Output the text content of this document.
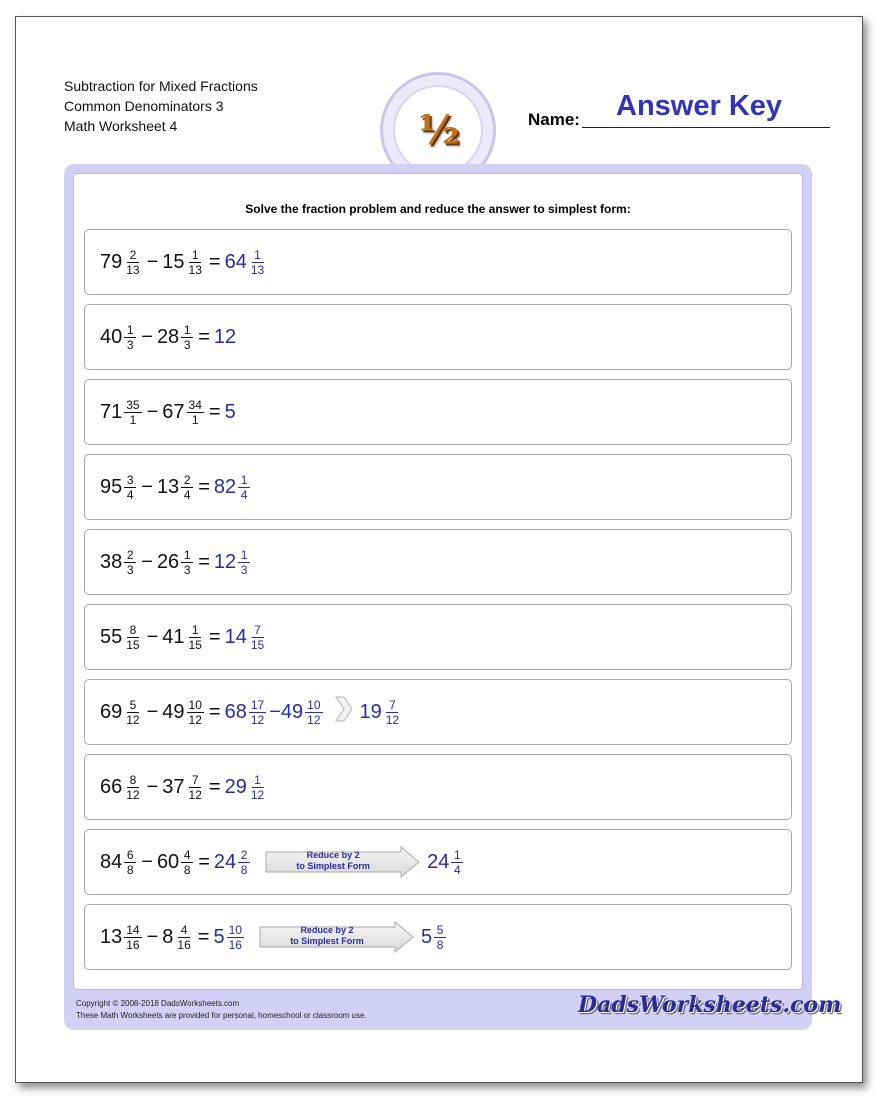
Subtraction for Mixed Fractions
Common Denominators 3
Math Worksheet 4	½	Name: Answer Key
Solve the fraction problem and reduce the answer to simplest form:
$79 \frac{2}{13} - 15 \frac{1}{13} = 64 \frac{1}{13}$
$40 \frac{1}{3} - 28 \frac{1}{3} = 12$
$71 \frac{35}{1} - 67 \frac{34}{1} = 5$
$95 \frac{3}{4} - 13 \frac{2}{4} = 82 \frac{1}{4}$
$38 \frac{2}{3} - 26 \frac{1}{3} = 12 \frac{1}{3}$
$55 \frac{8}{15} - 41 \frac{1}{15} = 14 \frac{7}{15}$
$69 \frac{5}{12} - 49 \frac{10}{12} = 68 \frac{17}{12} - 49 \frac{10}{12} 19 \frac{7}{12}$
$66 \frac{8}{12} - 37 \frac{7}{12} = 29 \frac{1}{12}$
$84 \frac{6}{8} - 60 \frac{4}{8} = 24 \frac{2}{8}$	Reduce by 2
to Simplest Form	$24 \frac{1}{4}$
$13 \frac{14}{16} - 8 \frac{4}{16} = 5 \frac{10}{16}$	Reduce by 2
to Simplest Form	$5 \frac{5}{8}$
Copyright © 2008-2018 DadsWorksheets.com
These Math Worksheets are provided for personal, homeschool or classroom use.	DadsWorksheets.com
